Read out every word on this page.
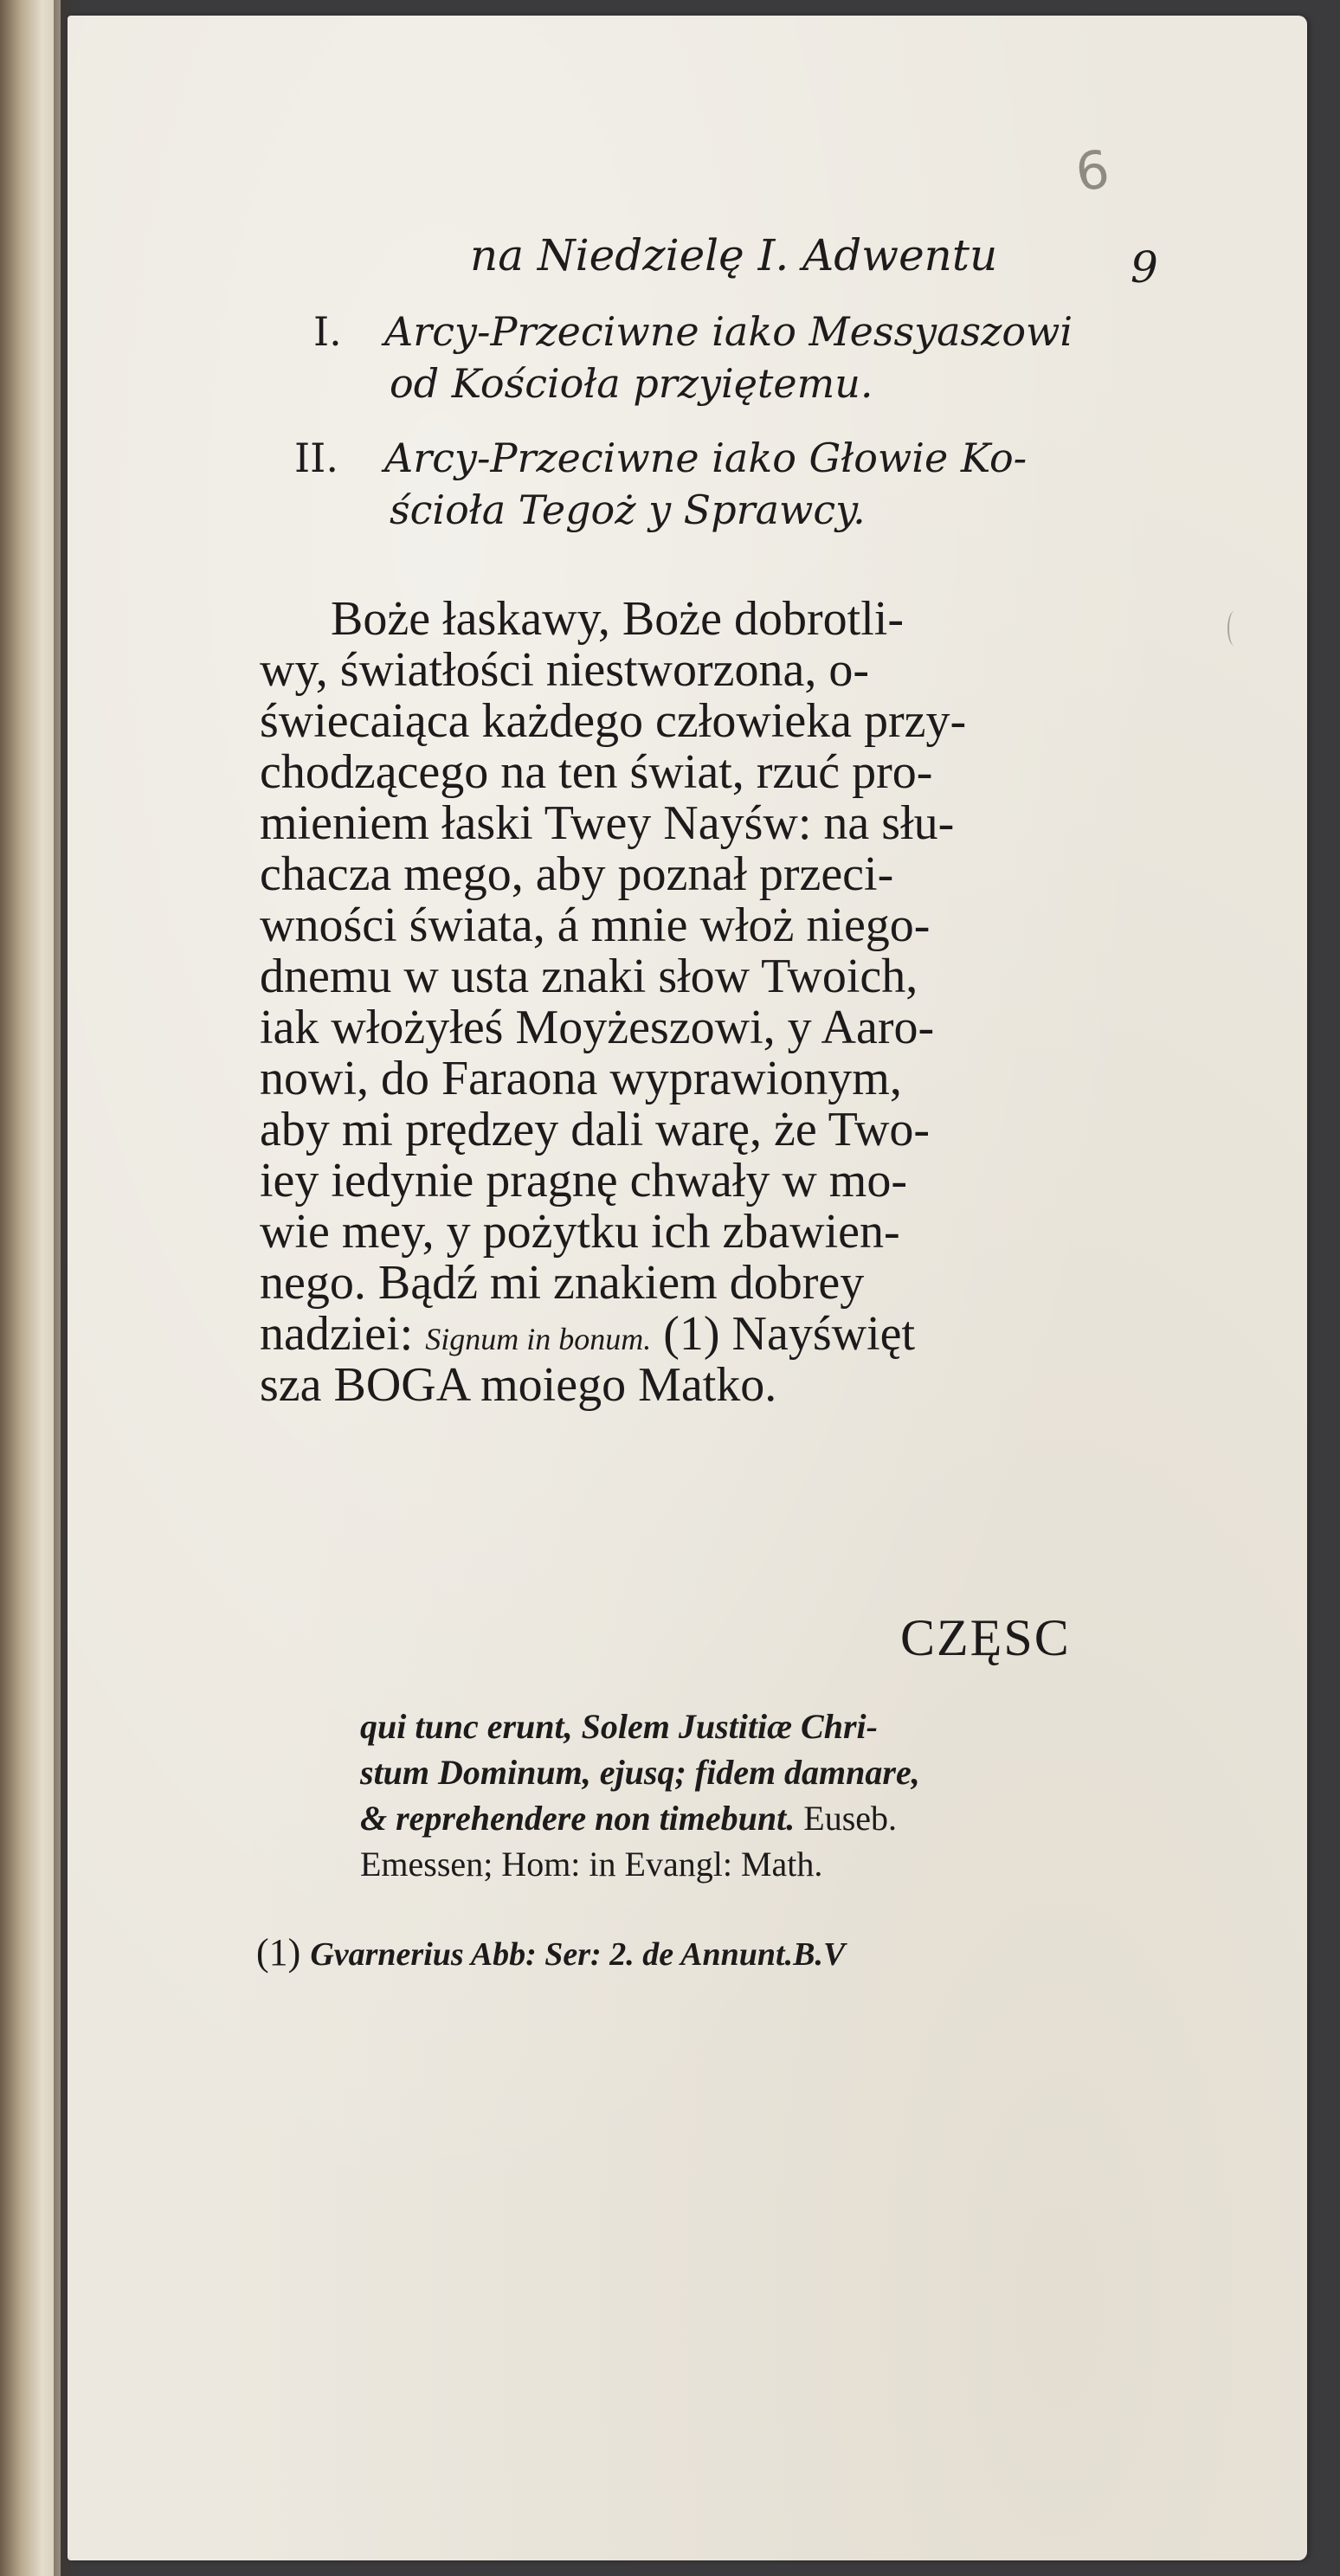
6
na Niedzielę I. Adwentu	9
I. Arcy-Przeciwne iako Messyaszowi
od Kościoła przyiętemu.
II. Arcy-Przeciwne iako Głowie Ko-
ścioła Tegoż y Sprawcy.
Boże łaskawy, Boże dobrotli-
wy, światłości niestworzona, o-
świecaiąca każdego człowieka przy-
chodzącego na ten świat, rzuć pro-
mieniem łaski Twey Nayśw: na słu-
chacza mego, aby poznał przeci-
wności świata, á mnie włoż niego-
dnemu w usta znaki słow Twoich,
iak włożyłeś Moyżeszowi, y Aaro-
nowi, do Faraona wyprawionym,
aby mi prędzey dali warę, że Two-
iey iedynie pragnę chwały w mo-
wie mey, y pożytku ich zbawien-
nego. Bądź mi znakiem dobrey
nadziei: Signum in bonum. (1) Nayświęt
sza BOGA moiego Matko.
CZĘSC
qui tunc erunt, Solem Justitiæ Chri-
stum Dominum, ejusq; fidem damnare,
& reprehendere non timebunt. Euseb.
Emessen; Hom: in Evangl: Math.
(1) Gvarnerius Abb: Ser: 2. de Annunt.B.V
